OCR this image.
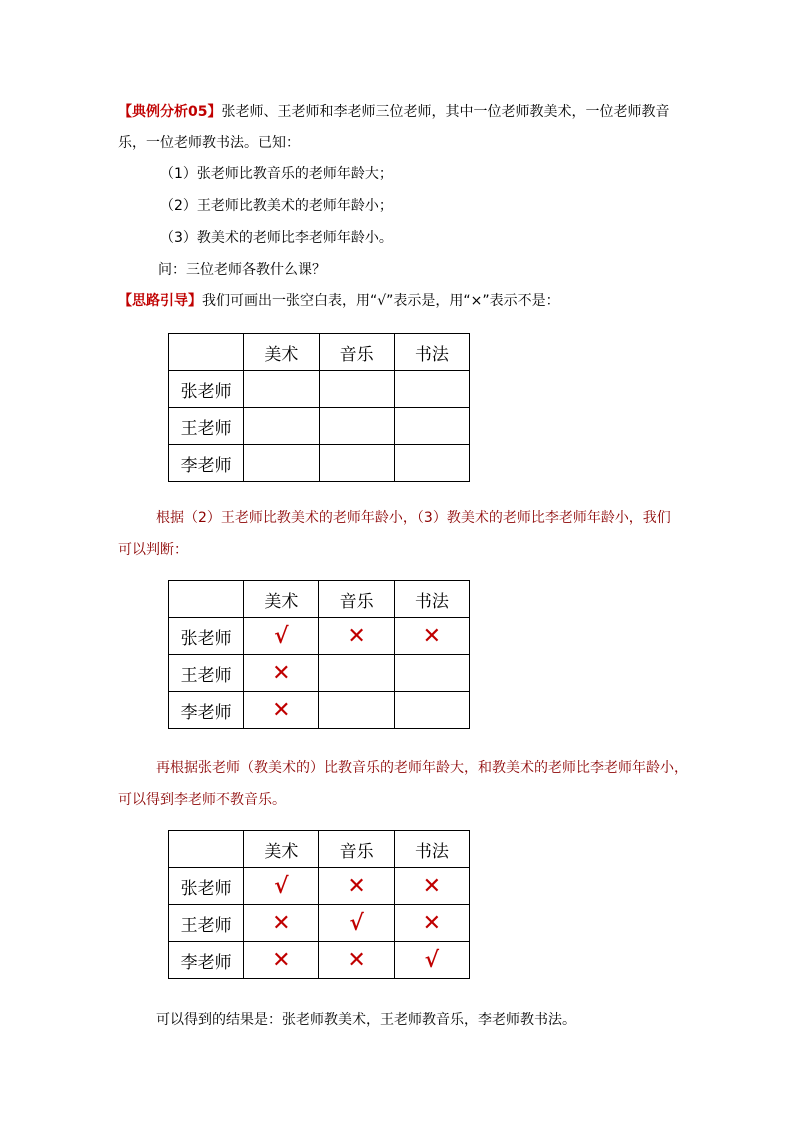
【典例分析05】张老师、王老师和李老师三位老师，其中一位老师教美术，一位老师教音
乐，一位老师教书法。已知：
（1）张老师比教音乐的老师年龄大；
（2）王老师比教美术的老师年龄小；
（3）教美术的老师比李老师年龄小。
问：三位老师各教什么课？
【思路引导】我们可画出一张空白表，用“√”表示是，用“×”表示不是：
	美术	音乐	书法
张老师			
王老师			
李老师			
根据（2）王老师比教美术的老师年龄小，（3）教美术的老师比李老师年龄小，我们
可以判断：
	美术	音乐	书法
张老师	√	✕	✕
王老师	✕		
李老师	✕		
再根据张老师（教美术的）比教音乐的老师年龄大，和教美术的老师比李老师年龄小，
可以得到李老师不教音乐。
	美术	音乐	书法
张老师	√	✕	✕
王老师	✕	√	✕
李老师	✕	✕	√
可以得到的结果是：张老师教美术，王老师教音乐，李老师教书法。
